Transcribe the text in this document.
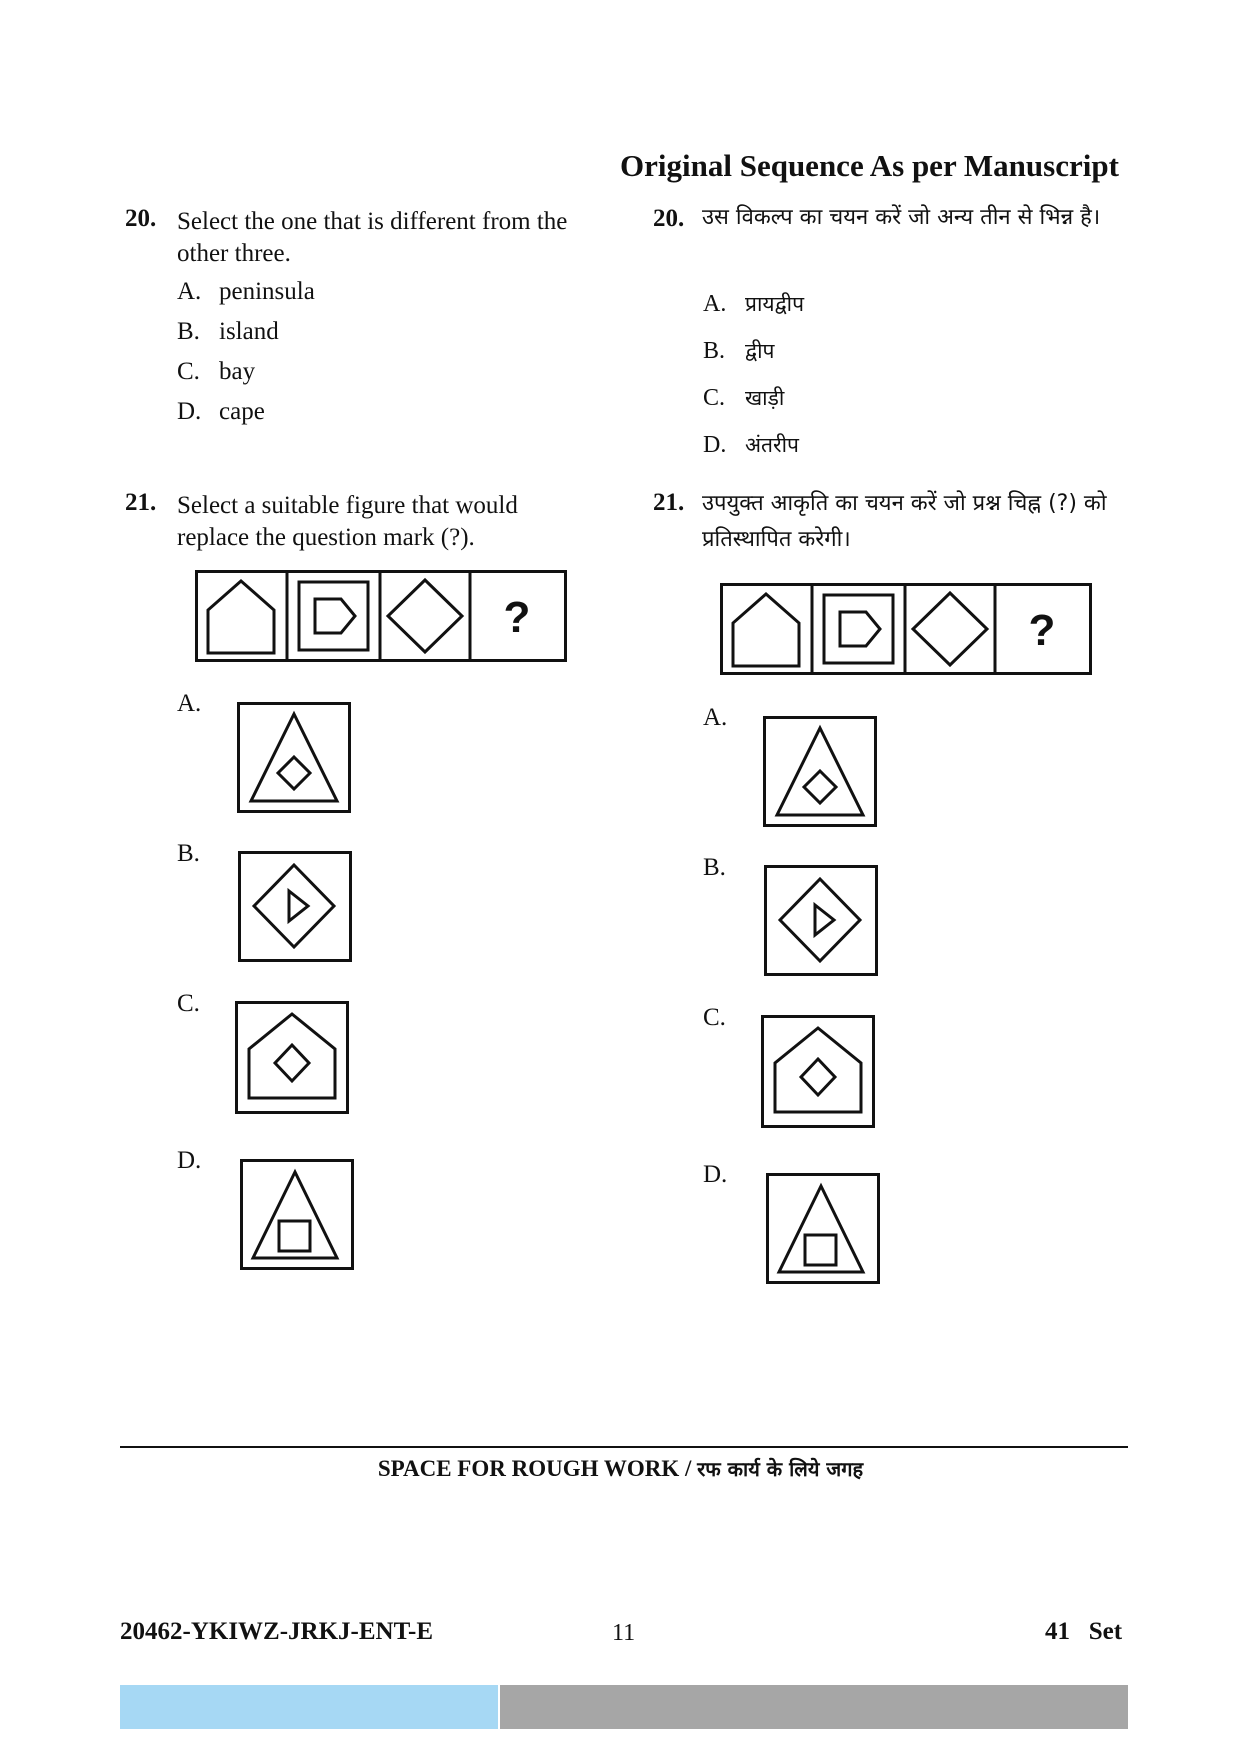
Original Sequence As per Manuscript
20. Select the one that is different from the other three.
A. peninsula
B. island
C. bay
D. cape
21. Select a suitable figure that would replace the question mark (?).
?
A.
B.
C.
D.
20. उस विकल्प का चयन करें जो अन्य तीन से भिन्न है।
A. प्रायद्वीप
B. द्वीप
C. खाड़ी
D. अंतरीप
21. उपयुक्त आकृति का चयन करें जो प्रश्न चिह्न (?) को प्रतिस्थापित करेगी।
?
A.
B.
C.
D.
SPACE FOR ROUGH WORK / रफ कार्य के लिये जगह
20462-YKIWZ-JRKJ-ENT-E	11	41   Set
